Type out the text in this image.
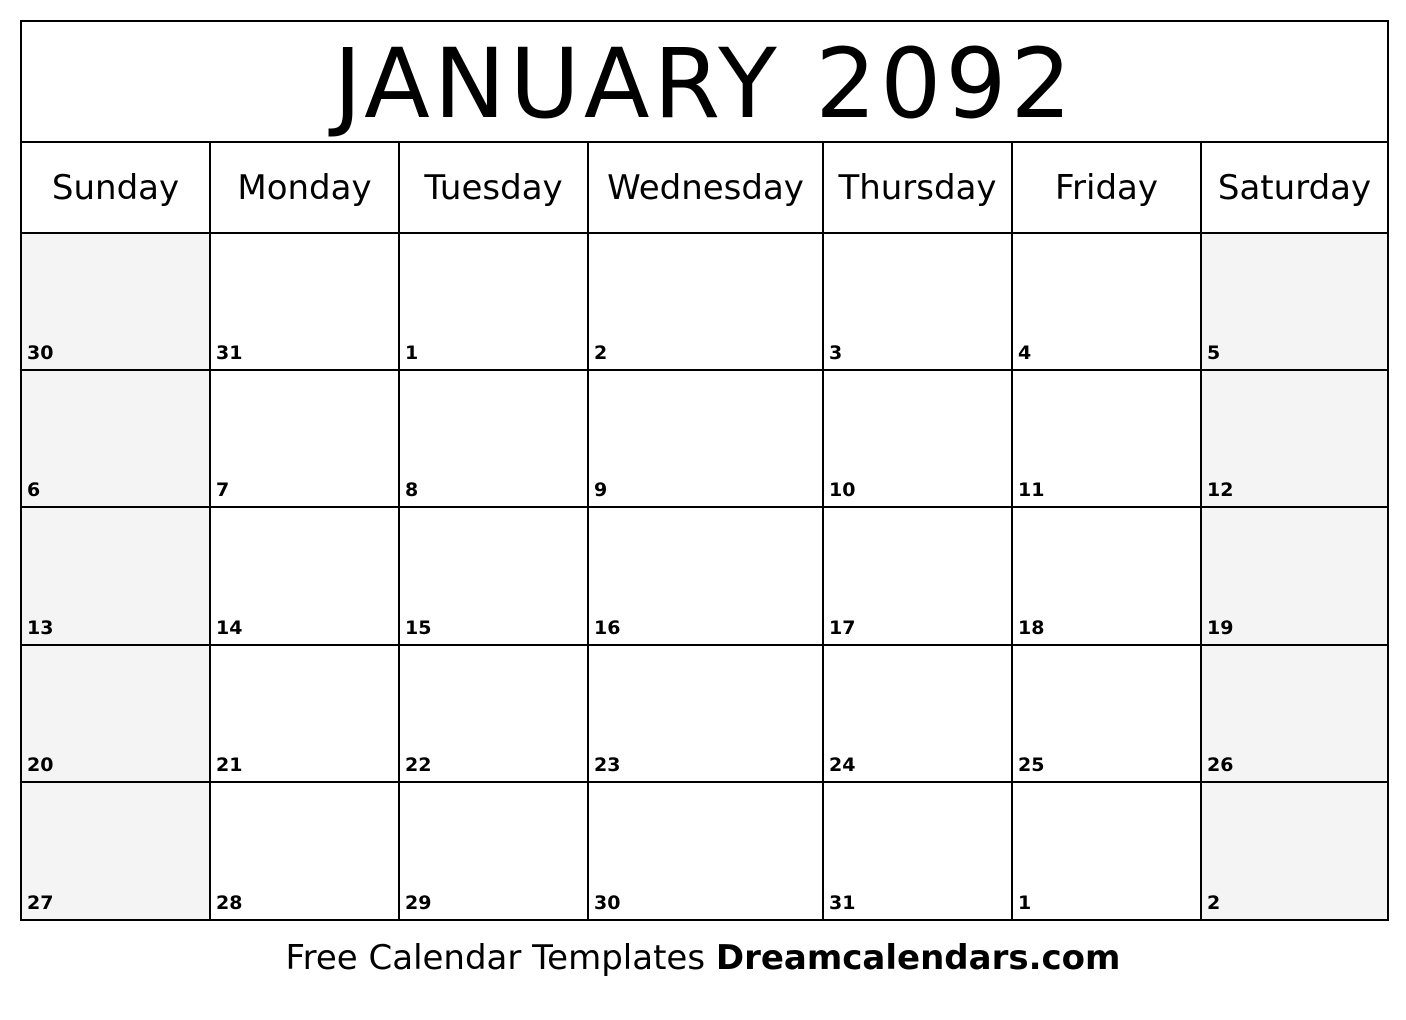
JANUARY 2092
Sunday	Monday	Tuesday	Wednesday	Thursday	Friday	Saturday

30	31	1	2	3	4	5

6	7	8	9	10	11	12

13	14	15	16	17	18	19

20	21	22	23	24	25	26

27	28	29	30	31	1	2
Free Calendar Templates Dreamcalendars.com
